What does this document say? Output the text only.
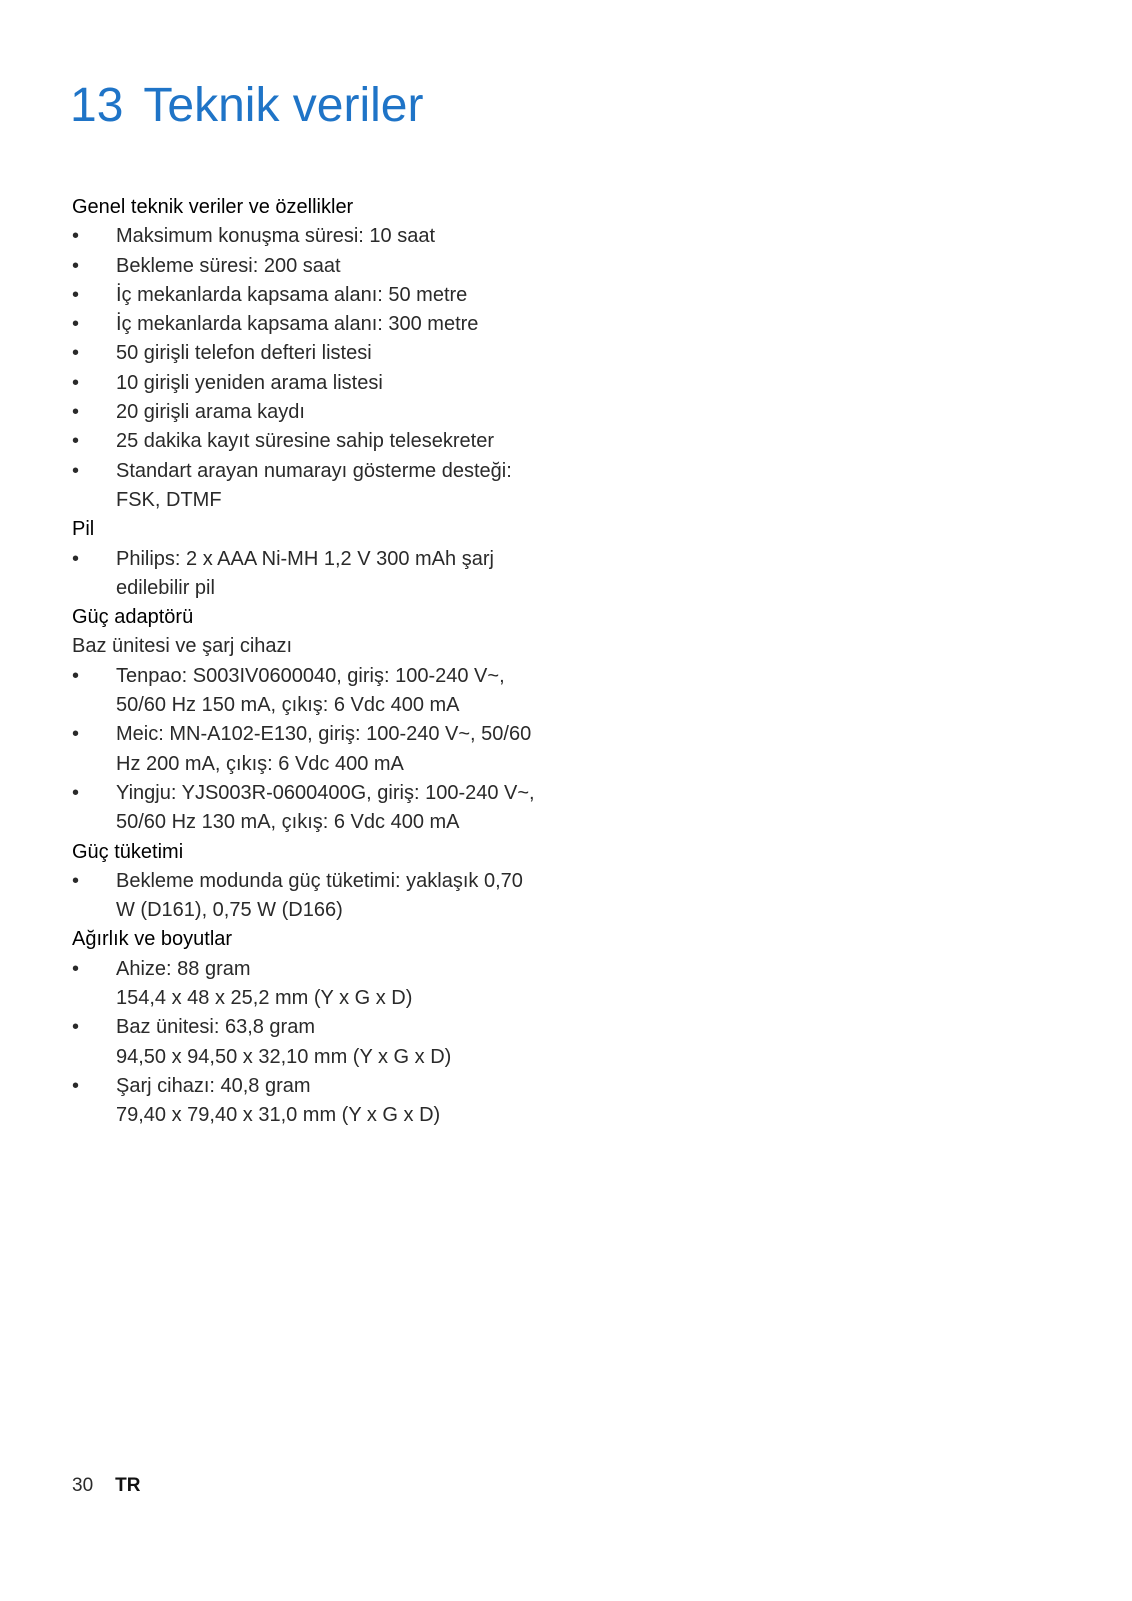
13 Teknik veriler

Genel teknik veriler ve özellikler

• Maksimum konuşma süresi: 10 saat
• Bekleme süresi: 200 saat
• İç mekanlarda kapsama alanı: 50 metre
• İç mekanlarda kapsama alanı: 300 metre
• 50 girişli telefon defteri listesi
• 10 girişli yeniden arama listesi
• 20 girişli arama kaydı
• 25 dakika kayıt süresine sahip telesekreter
• Standart arayan numarayı gösterme desteği: FSK, DTMF

Pil

• Philips: 2 x AAA Ni-MH 1,2 V 300 mAh şarj edilebilir pil

Güç adaptörü

Baz ünitesi ve şarj cihazı

• Tenpao: S003IV0600040, giriş: 100-240 V~, 50/60 Hz 150 mA, çıkış: 6 Vdc 400 mA
• Meic: MN-A102-E130, giriş: 100-240 V~, 50/60 Hz 200 mA, çıkış: 6 Vdc 400 mA
• Yingju: YJS003R-0600400G, giriş: 100-240 V~, 50/60 Hz 130 mA, çıkış: 6 Vdc 400 mA

Güç tüketimi

• Bekleme modunda güç tüketimi: yaklaşık 0,70 W (D161), 0,75 W (D166)

Ağırlık ve boyutlar

• Ahize: 88 gram
154,4 x 48 x 25,2 mm (Y x G x D)
• Baz ünitesi: 63,8 gram
94,50 x 94,50 x 32,10 mm (Y x G x D)
• Şarj cihazı: 40,8 gram
79,40 x 79,40 x 31,0 mm (Y x G x D)
30 TR
